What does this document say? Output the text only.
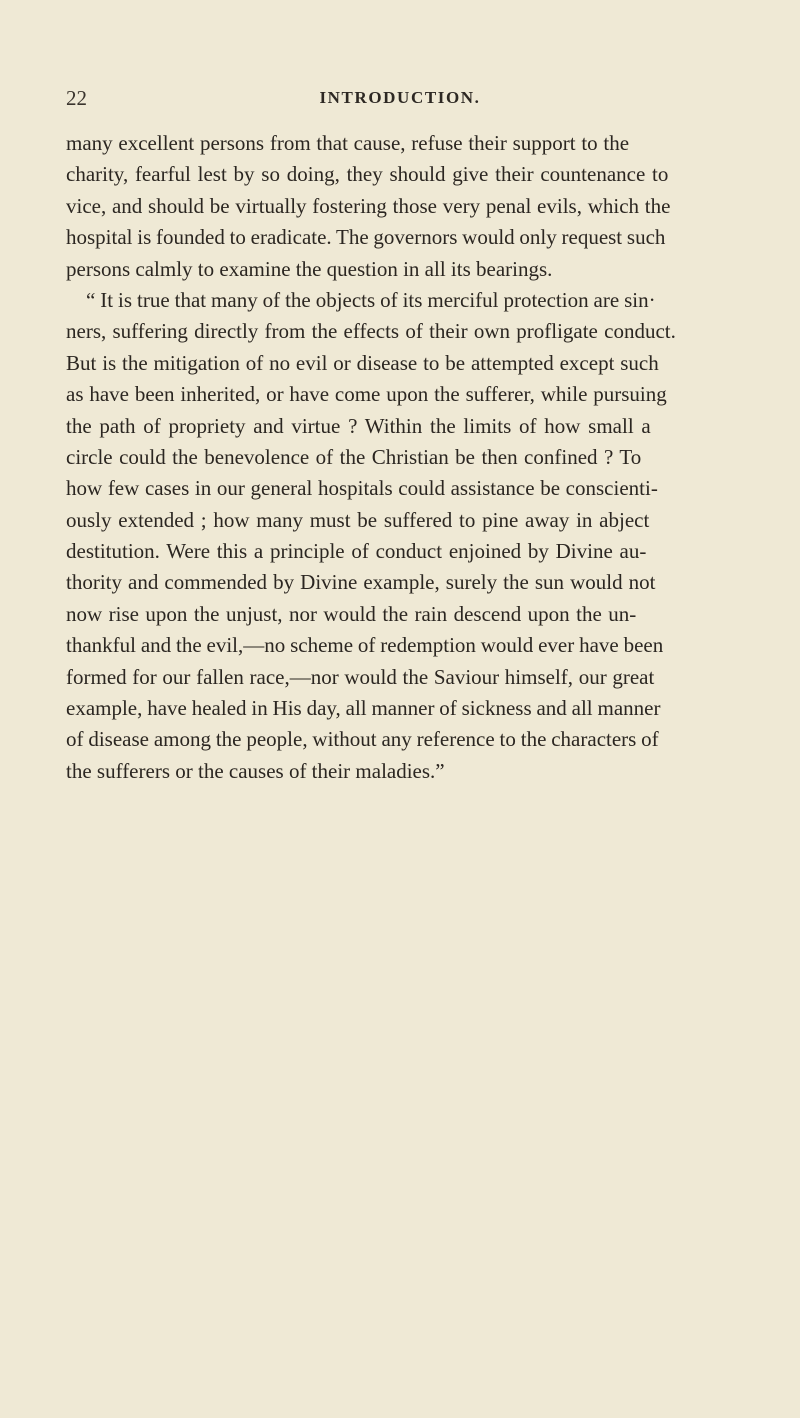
22	INTRODUCTION.
many excellent persons from that cause, refuse their support to the
charity, fearful lest by so doing, they should give their countenance to
vice, and should be virtually fostering those very penal evils, which the
hospital is founded to eradicate. The governors would only request such
persons calmly to examine the question in all its bearings.
“ It is true that many of the objects of its merciful protection are sin·
ners, suffering directly from the effects of their own profligate conduct.
But is the mitigation of no evil or disease to be attempted except such
as have been inherited, or have come upon the sufferer, while pursuing
the path of propriety and virtue ? Within the limits of how small a
circle could the benevolence of the Christian be then confined ? To
how few cases in our general hospitals could assistance be conscienti-
ously extended ; how many must be suffered to pine away in abject
destitution. Were this a principle of conduct enjoined by Divine au-
thority and commended by Divine example, surely the sun would not
now rise upon the unjust, nor would the rain descend upon the un-
thankful and the evil,—no scheme of redemption would ever have been
formed for our fallen race,—nor would the Saviour himself, our great
example, have healed in His day, all manner of sickness and all manner
of disease among the people, without any reference to the characters of
the sufferers or the causes of their maladies.”
